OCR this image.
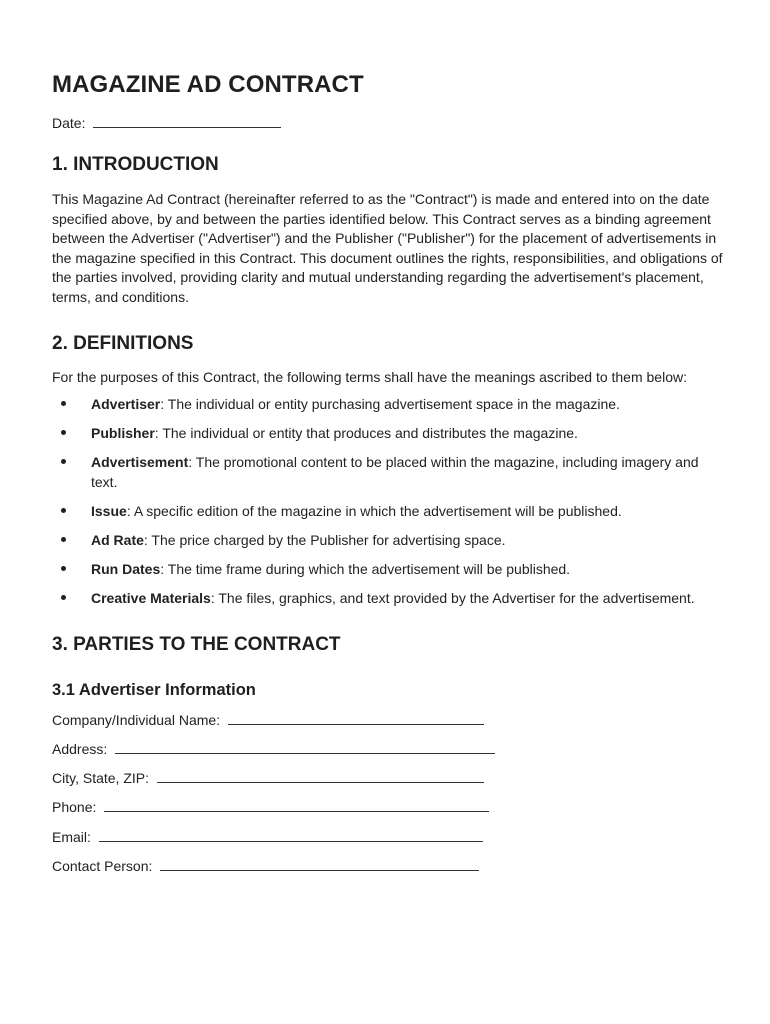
MAGAZINE AD CONTRACT
Date:
1. INTRODUCTION

This Magazine Ad Contract (hereinafter referred to as the "Contract") is made and entered into on the date specified above, by and between the parties identified below. This Contract serves as a binding agreement between the Advertiser ("Advertiser") and the Publisher ("Publisher") for the placement of advertisements in the magazine specified in this Contract. This document outlines the rights, responsibilities, and obligations of the parties involved, providing clarity and mutual understanding regarding the advertisement's placement, terms, and conditions.

2. DEFINITIONS

For the purposes of this Contract, the following terms shall have the meanings ascribed to them below:

Advertiser: The individual or entity purchasing advertisement space in the magazine.
Publisher: The individual or entity that produces and distributes the magazine.
Advertisement: The promotional content to be placed within the magazine, including imagery and text.
Issue: A specific edition of the magazine in which the advertisement will be published.
Ad Rate: The price charged by the Publisher for advertising space.
Run Dates: The time frame during which the advertisement will be published.
Creative Materials: The files, graphics, and text provided by the Advertiser for the advertisement.
3. PARTIES TO THE CONTRACT
3.1 Advertiser Information
Company/Individual Name:
Address:
City, State, ZIP:
Phone:
Email:
Contact Person:
